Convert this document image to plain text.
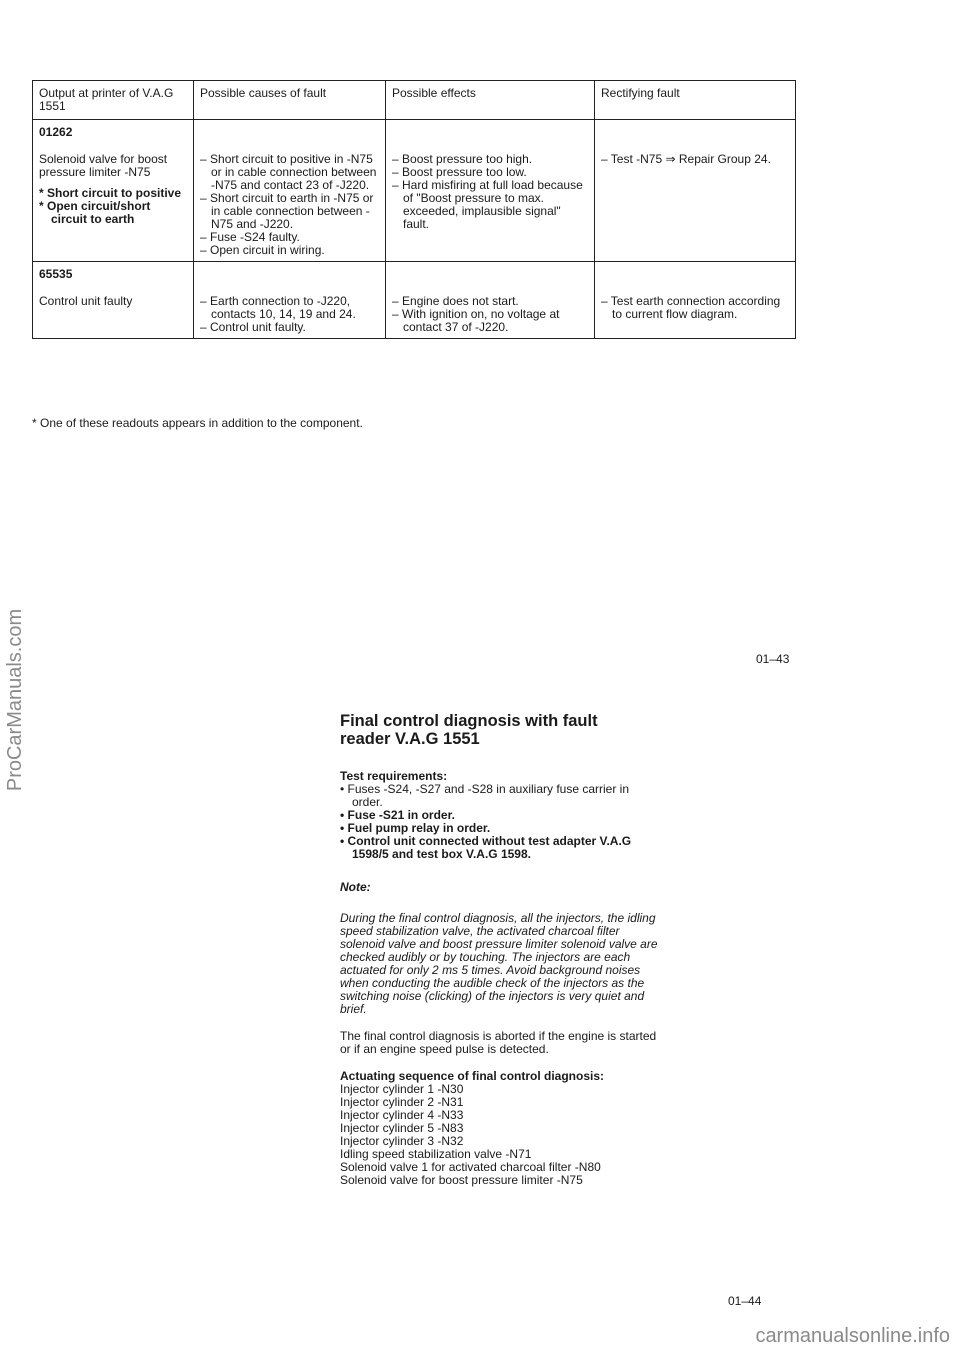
ProCarManuals.com
Output at printer of V.A.G 1551
Possible causes of fault	Possible effects	Rectifying fault
01262
Solenoid valve for boost pressure limiter -N75
* Short circuit to positive
* Open circuit/short circuit to earth
– Short circuit to positive in -N75 or in cable connection between -N75 and contact 23 of -J220.
– Short circuit to earth in -N75 or in cable connection between -N75 and -J220.
– Fuse -S24 faulty.
– Open circuit in wiring.
– Boost pressure too high.
– Boost pressure too low.
– Hard misfiring at full load because of "Boost pressure to max. exceeded, implausible signal" fault.
– Test -N75 ⇒ Repair Group 24.
65535
Control unit faulty
–	Earth connection to -J220, contacts 10, 14, 19 and 24.
– Control unit faulty.
– Engine does not start.
– With ignition on, no voltage at contact 37 of -J220.
– Test earth connection according to current flow diagram.
* One of these readouts appears in addition to the component.
01–43
Final control diagnosis with fault reader V.A.G 1551
Test requirements:
• Fuses -S24, -S27 and -S28 in auxiliary fuse carrier in order.
• Fuse -S21 in order.
• Fuel pump relay in order.
• Control unit connected without test adapter V.A.G 1598/5 and test box V.A.G 1598.
Note:

During the final control diagnosis, all the injectors, the idling speed stabilization valve, the activated charcoal filter solenoid valve and boost pressure limiter solenoid valve are checked audibly or by touching. The injectors are each actuated for only 2 ms 5 times. Avoid background noises when conducting the audible check of the injectors as the switching noise (clicking) of the injectors is very quiet and brief.

The final control diagnosis is aborted if the engine is started or if an engine speed pulse is detected.

Actuating sequence of final control diagnosis:
Injector cylinder 1 -N30
Injector cylinder 2 -N31
Injector cylinder 4 -N33
Injector cylinder 5 -N83
Injector cylinder 3 -N32
Idling speed stabilization valve -N71
Solenoid valve 1 for activated charcoal filter -N80
Solenoid valve for boost pressure limiter -N75
01–44
carmanualsonline.info
